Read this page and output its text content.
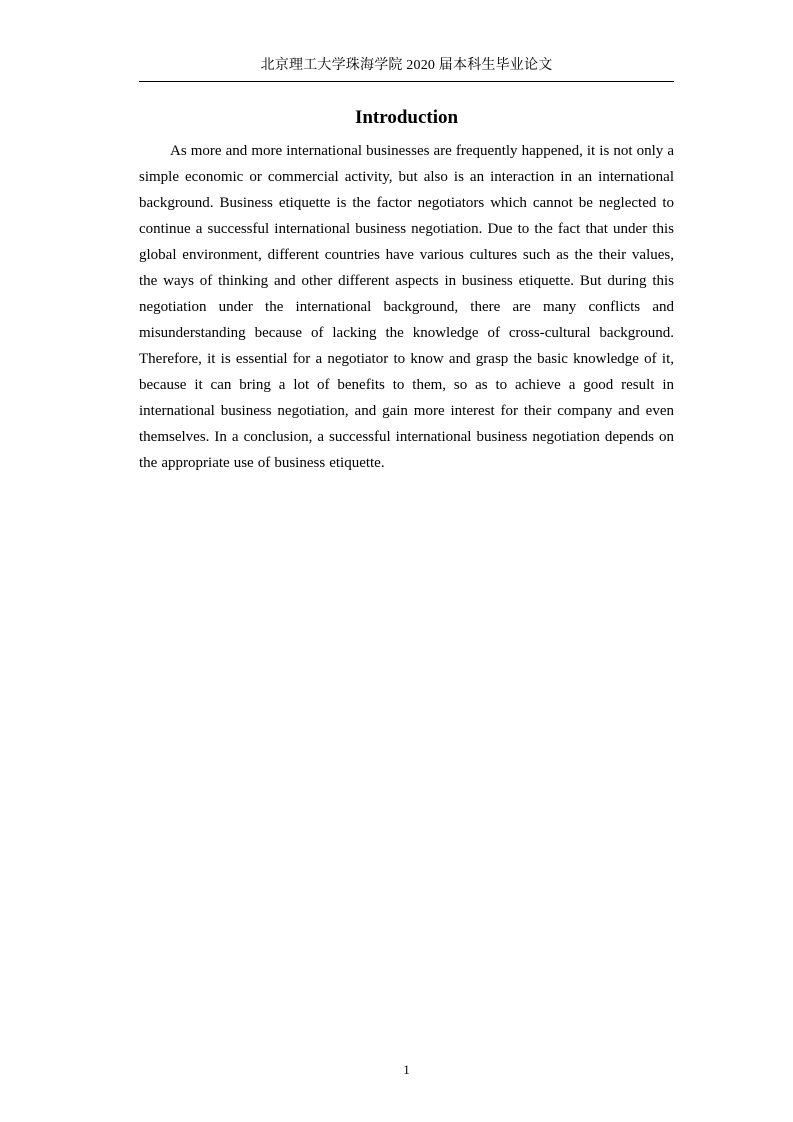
北京理工大学珠海学院 2020 届本科生毕业论文
Introduction

As more and more international businesses are frequently happened, it is not only a simple economic or commercial activity, but also is an interaction in an international background. Business etiquette is the factor negotiators which cannot be neglected to continue a successful international business negotiation. Due to the fact that under this global environment, different countries have various cultures such as the their values, the ways of thinking and other different aspects in business etiquette. But during this negotiation under the international background, there are many conflicts and misunderstanding because of lacking the knowledge of cross-cultural background. Therefore, it is essential for a negotiator to know and grasp the basic knowledge of it, because it can bring a lot of benefits to them, so as to achieve a good result in international business negotiation, and gain more interest for their company and even themselves. In a conclusion, a successful international business negotiation depends on the appropriate use of business etiquette.

1
